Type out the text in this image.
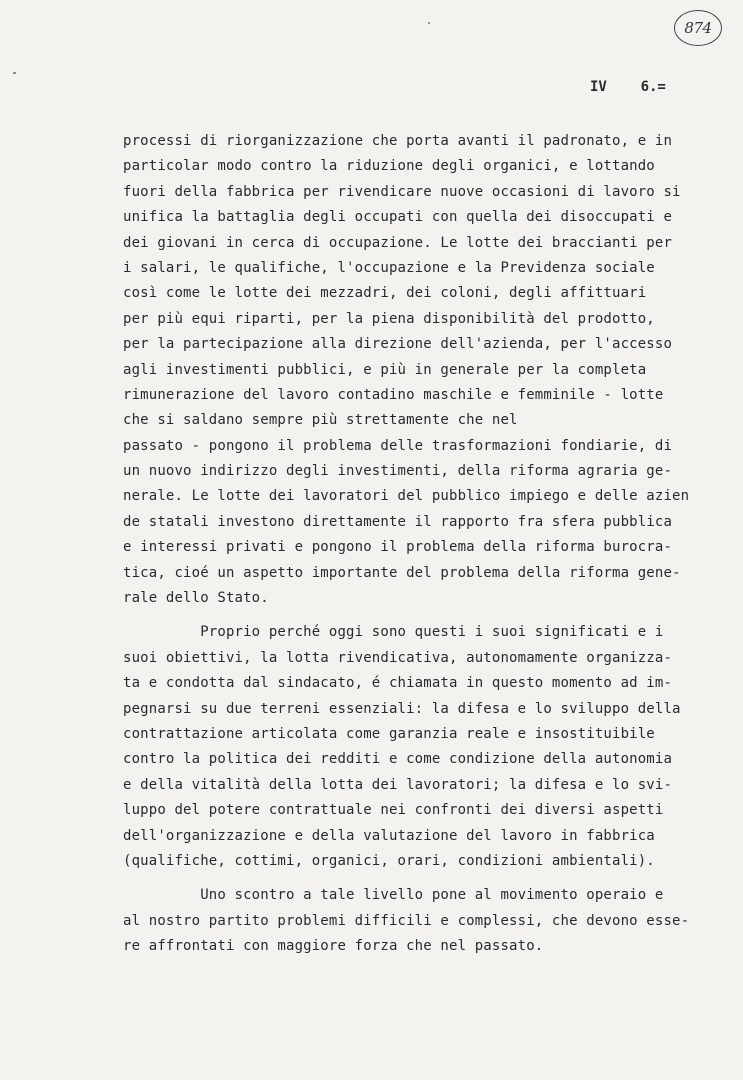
874
IV    6.=
processi di riorganizzazione che porta avanti il padronato, e in
particolar modo contro la riduzione degli organici, e lottando
fuori della fabbrica per rivendicare nuove occasioni di lavoro si
unifica la battaglia degli occupati con quella dei disoccupati e
dei giovani in cerca di occupazione. Le lotte dei braccianti per
i salari, le qualifiche, l'occupazione e la Previdenza sociale
così come le lotte dei mezzadri, dei coloni, degli affittuari
per più equi riparti, per la piena disponibilità del prodotto,
per la partecipazione alla direzione dell'azienda, per l'accesso
agli investimenti pubblici, e più in generale per la completa
rimunerazione del lavoro contadino maschile e femminile - lotte
che si saldano sempre più strettamente che nel
passato - pongono il problema delle trasformazioni fondiarie, di
un nuovo indirizzo degli investimenti, della riforma agraria ge-
nerale. Le lotte dei lavoratori del pubblico impiego e delle azien
de statali investono direttamente il rapporto fra sfera pubblica
e interessi privati e pongono il problema della riforma burocra-
tica, cioé un aspetto importante del problema della riforma gene-
rale dello Stato.
Proprio perché oggi sono questi i suoi significati e i
suoi obiettivi, la lotta rivendicativa, autonomamente organizza-
ta e condotta dal sindacato, é chiamata in questo momento ad im-
pegnarsi su due terreni essenziali: la difesa e lo sviluppo della
contrattazione articolata come garanzia reale e insostituibile
contro la politica dei redditi e come condizione della autonomia
e della vitalità della lotta dei lavoratori; la difesa e lo svi-
luppo del potere contrattuale nei confronti dei diversi aspetti
dell'organizzazione e della valutazione del lavoro in fabbrica
(qualifiche, cottimi, organici, orari, condizioni ambientali).
Uno scontro a tale livello pone al movimento operaio e
al nostro partito problemi difficili e complessi, che devono esse-
re affrontati con maggiore forza che nel passato.
